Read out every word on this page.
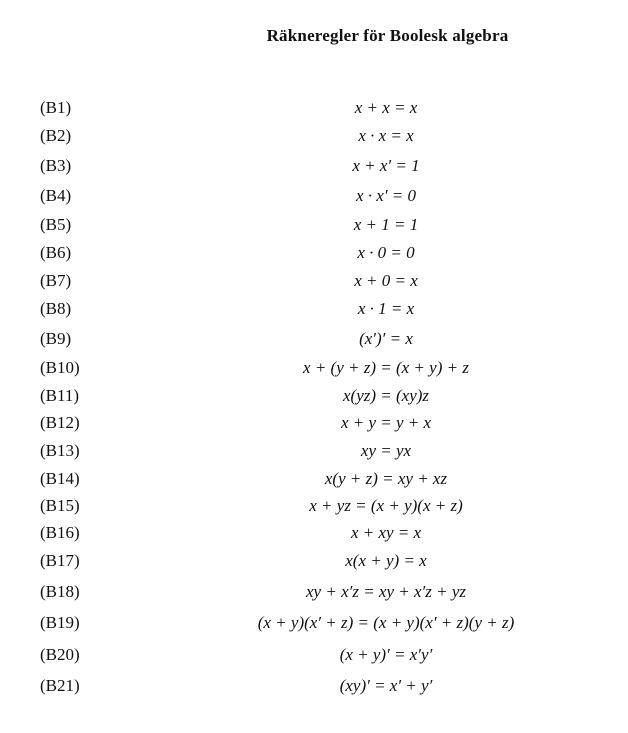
Räkneregler för Boolesk algebra
(B1)	x + x = x
(B2)	x · x = x
(B3)	x + x′ = 1
(B4)	x · x′ = 0
(B5)	x + 1 = 1
(B6)	x · 0 = 0
(B7)	x + 0 = x
(B8)	x · 1 = x
(B9)	(x′)′ = x
(B10)	x + (y + z) = (x + y) + z
(B11)	x(yz) = (xy)z
(B12)	x + y = y + x
(B13)	xy = yx
(B14)	x(y + z) = xy + xz
(B15)	x + yz = (x + y)(x + z)
(B16)	x + xy = x
(B17)	x(x + y) = x
(B18)	xy + x′z = xy + x′z + yz
(B19)	(x + y)(x′ + z) = (x + y)(x′ + z)(y + z)
(B20)	(x + y)′ = x′y′
(B21)	(xy)′ = x′ + y′
